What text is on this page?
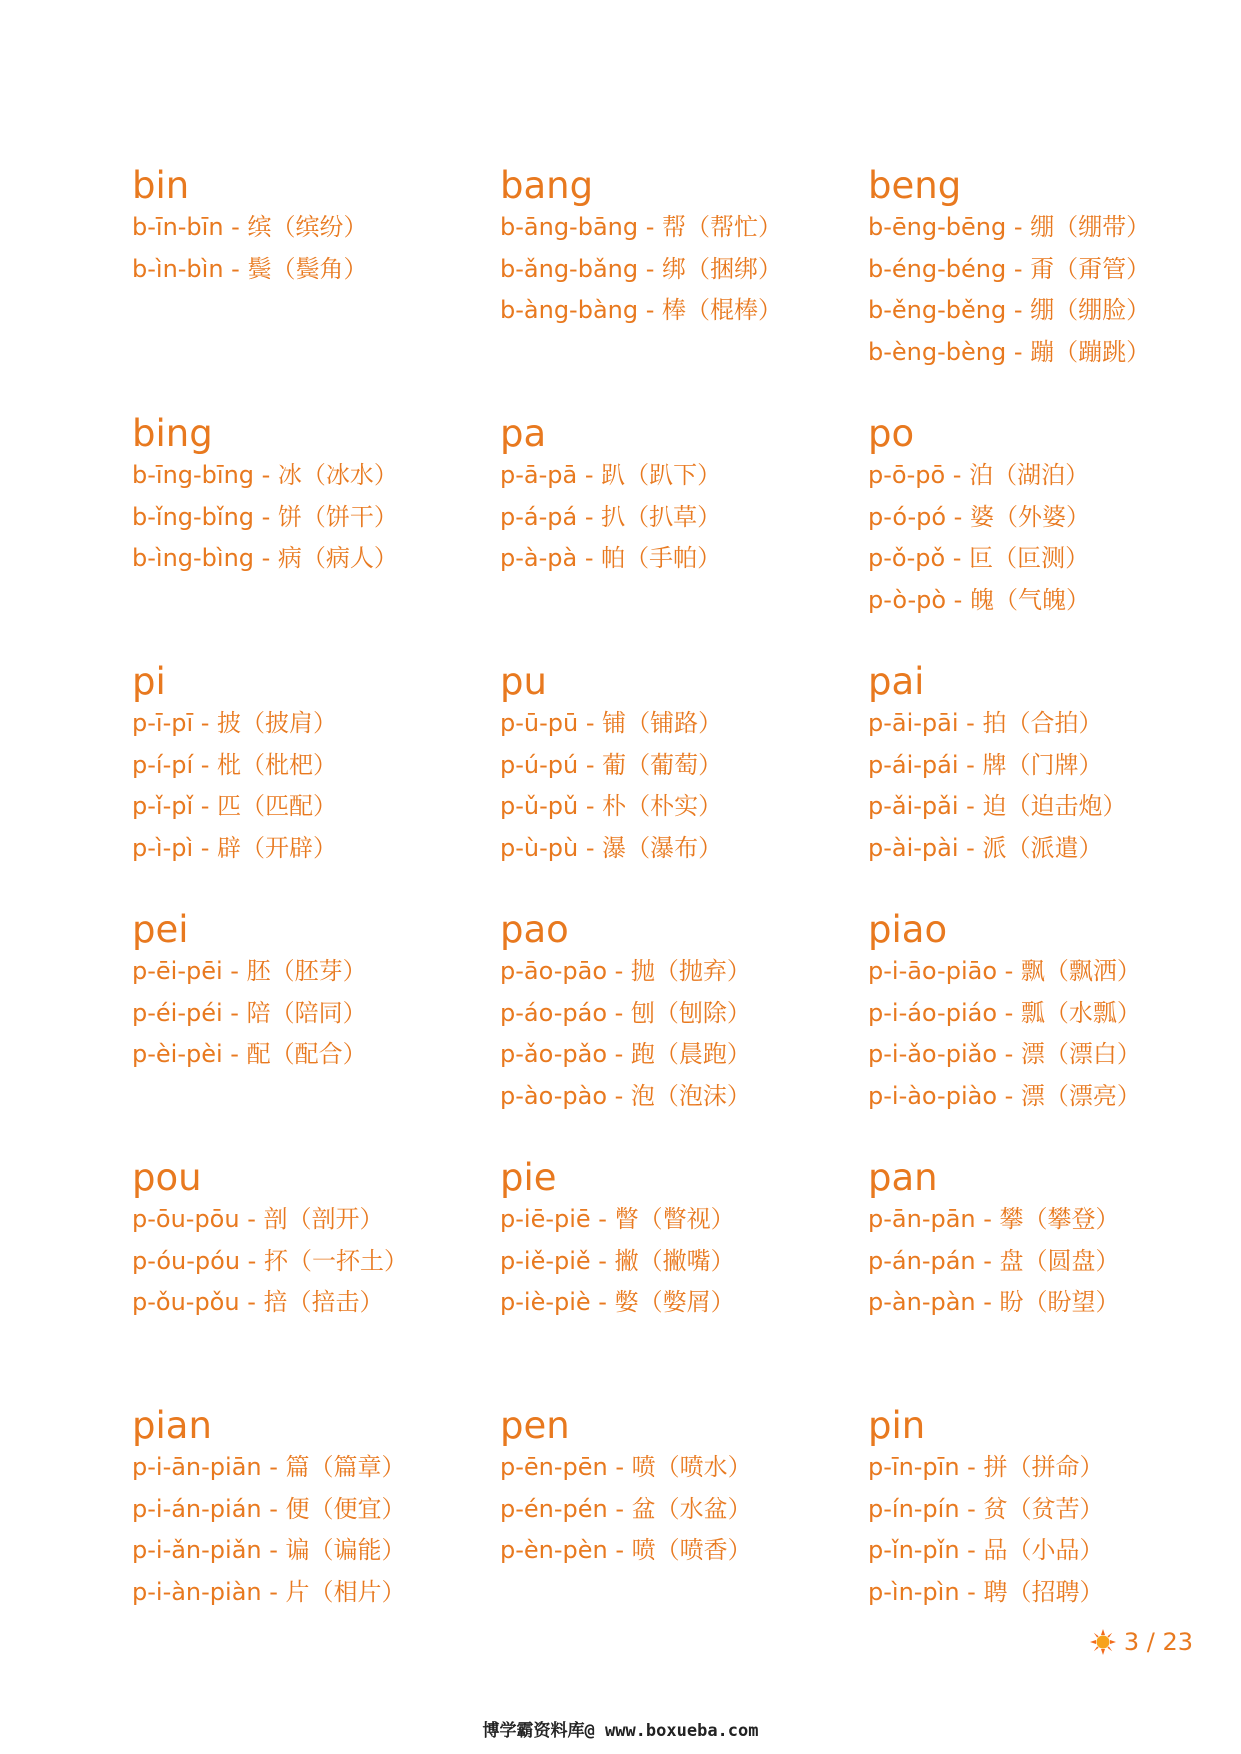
bin
b-īn-bīn - 缤（缤纷）
b-ìn-bìn - 鬓（鬓角）
bang
b-āng-bāng - 帮（帮忙）
b-ǎng-bǎng - 绑（捆绑）
b-àng-bàng - 棒（棍棒）
beng
b-ēng-bēng - 绷（绷带）
b-éng-béng - 甭（甭管）
b-ěng-běng - 绷（绷脸）
b-èng-bèng - 蹦（蹦跳）
bing
b-īng-bīng - 冰（冰水）
b-ǐng-bǐng - 饼（饼干）
b-ìng-bìng - 病（病人）
pa
p-ā-pā - 趴（趴下）
p-á-pá - 扒（扒草）
p-à-pà - 帕（手帕）
po
p-ō-pō - 泊（湖泊）
p-ó-pó - 婆（外婆）
p-ǒ-pǒ - 叵（叵测）
p-ò-pò - 魄（气魄）
pi
p-ī-pī - 披（披肩）
p-í-pí - 枇（枇杷）
p-ǐ-pǐ - 匹（匹配）
p-ì-pì - 辟（开辟）
pu
p-ū-pū - 铺（铺路）
p-ú-pú - 葡（葡萄）
p-ǔ-pǔ - 朴（朴实）
p-ù-pù - 瀑（瀑布）
pai
p-āi-pāi - 拍（合拍）
p-ái-pái - 牌（门牌）
p-ǎi-pǎi - 迫（迫击炮）
p-ài-pài - 派（派遣）
pei
p-ēi-pēi - 胚（胚芽）
p-éi-péi - 陪（陪同）
p-èi-pèi - 配（配合）
pao
p-āo-pāo - 抛（抛弃）
p-áo-páo - 刨（刨除）
p-ǎo-pǎo - 跑（晨跑）
p-ào-pào - 泡（泡沫）
piao
p-i-āo-piāo - 飘（飘洒）
p-i-áo-piáo - 瓢（水瓢）
p-i-ǎo-piǎo - 漂（漂白）
p-i-ào-piào - 漂（漂亮）
pou
p-ōu-pōu - 剖（剖开）
p-óu-póu - 抔（一抔土）
p-ǒu-pǒu - 掊（掊击）
pie
p-iē-piē - 瞥（瞥视）
p-iě-piě - 撇（撇嘴）
p-iè-piè - 嫳（嫳屑）
pan
p-ān-pān - 攀（攀登）
p-án-pán - 盘（圆盘）
p-àn-pàn - 盼（盼望）
pian
p-i-ān-piān - 篇（篇章）
p-i-án-pián - 便（便宜）
p-i-ǎn-piǎn - 谝（谝能）
p-i-àn-piàn - 片（相片）
pen
p-ēn-pēn - 喷（喷水）
p-én-pén - 盆（水盆）
p-èn-pèn - 喷（喷香）
pin
p-īn-pīn - 拼（拼命）
p-ín-pín - 贫（贫苦）
p-ǐn-pǐn - 品（小品）
p-ìn-pìn - 聘（招聘）
3 / 23
博学霸资料库@ www.boxueba.com
